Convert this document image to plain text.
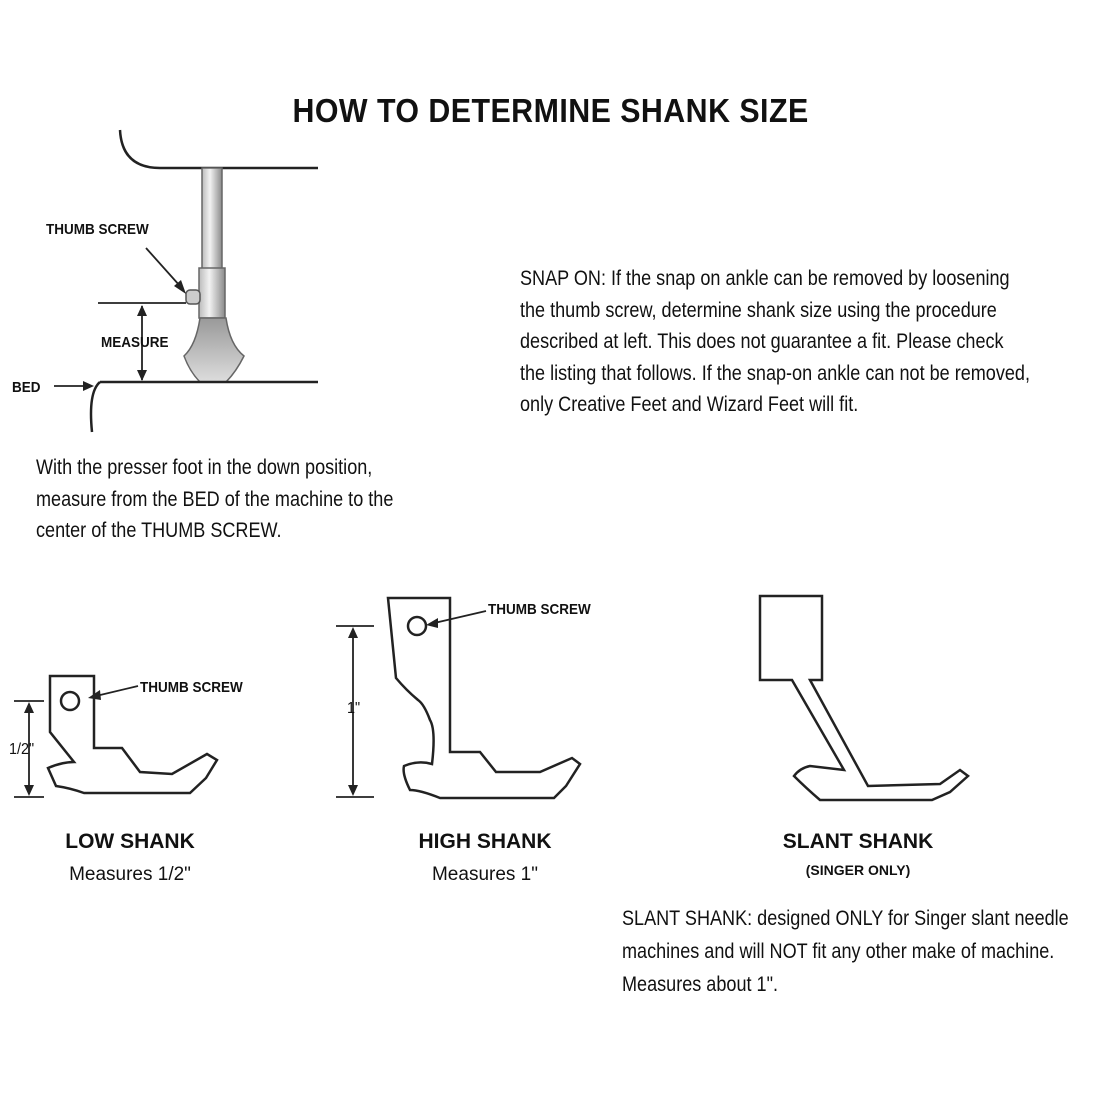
HOW TO DETERMINE SHANK SIZE
THUMB SCREW
MEASURE
BED
With the presser foot in the down position,
measure from the BED of the machine to the
center of the THUMB SCREW.
SNAP ON: If the snap on ankle can be removed by loosening
the thumb screw, determine shank size using the procedure
described at left. This does not guarantee a fit. Please check
the listing that follows. If the snap-on ankle can not be removed,
only Creative Feet and Wizard Feet will fit.
THUMB SCREW
1/2"
LOW SHANK
Measures 1/2"
THUMB SCREW
1"
HIGH SHANK
Measures 1"
SLANT SHANK
(SINGER ONLY)
SLANT SHANK: designed ONLY for Singer slant needle
machines and will NOT fit any other make of machine.
Measures about 1".
